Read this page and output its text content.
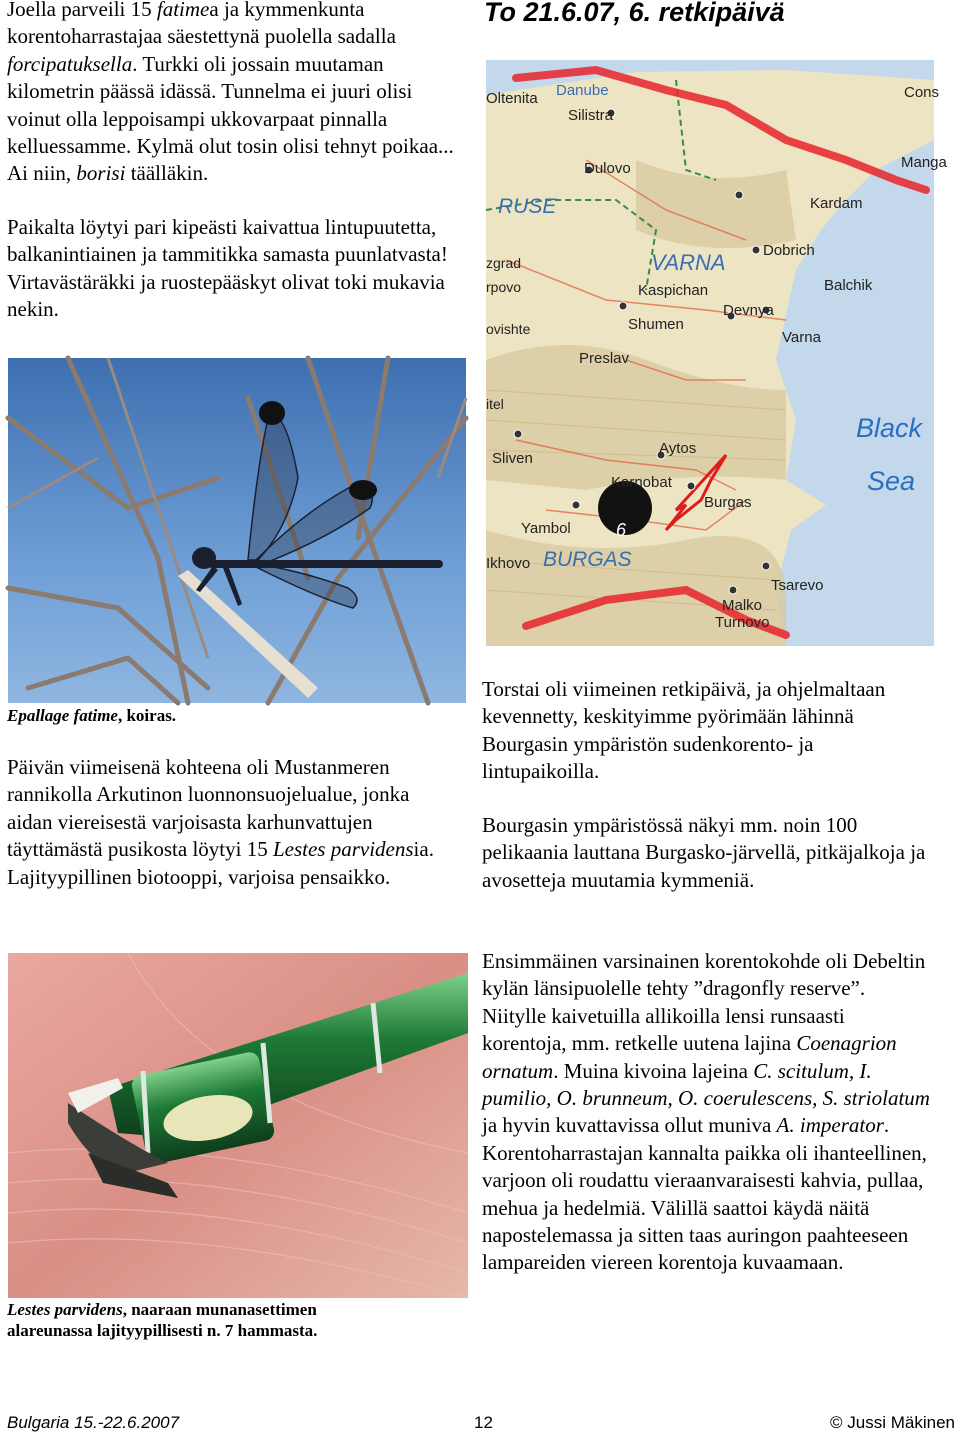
To 21.6.07, 6. retkipäivä

Joella parveili 15 fatimea ja kymmenkunta korentoharrastajaa säestettynä puolella sadalla forcipatuksella. Turkki oli jossain muutaman kilometrin päässä idässä. Tunnelma ei juuri olisi voinut olla leppoisampi ukkovarpaat pinnalla kelluessamme. Kylmä olut tosin olisi tehnyt poikaa... Ai niin, borisi täälläkin.

Paikalta löytyi pari kipeästi kaivattua lintupuutetta, balkanintiainen ja tammitikka samasta puunlatvasta! Virtavästäräkki ja ruostepääskyt olivat toki mukavia nekin.

Epallage fatime, koiras.

Päivän viimeisenä kohteena oli Mustanmeren rannikolla Arkutinon luonnonsuojelualue, jonka aidan viereisestä varjoisasta karhunvattujen täyttämästä pusikosta löytyi 15 Lestes parvidensia. Lajityypillinen biotooppi, varjoisa pensaikko.

Lestes parvidens, naaraan munanasettimen alareunassa lajityypillisesti n. 7 hammasta.
Oltenita Danube
Silistra
Cons
Dulovo	Manga
RUSE	Kardam
VARNA Dobrich
Balchik
zgrad
Kaspichan
rpovo
Devnya
Shumen
Varna
ovishte
Preslav
Black
Sea
itel
Aytos
Sliven
Karnobat
Burgas
6
Yambol
BURGAS
Ikhovo
Tsarevo
Malko
Turnovo

Torstai oli viimeinen retkipäivä, ja ohjelmaltaan kevennetty, keskityimme pyörimään lähinnä Bourgasin ympäristön sudenkorento- ja lintupaikoilla.

Bourgasin ympäristössä näkyi mm. noin 100 pelikaania lauttana Burgasko-järvellä, pitkäjalkoja ja avosetteja muutamia kymmeniä.

Ensimmäinen varsinainen korentokohde oli Debeltin kylän länsipuolelle tehty ”dragonfly reserve”. Niitylle kaivetuilla allikoilla lensi runsaasti korentoja, mm. retkelle uutena lajina Coenagrion ornatum. Muina kivoina lajeina C. scitulum, I. pumilio, O. brunneum, O. coerulescens, S. striolatum ja hyvin kuvattavissa ollut muniva A. imperator. Korentoharrastajan kannalta paikka oli ihanteellinen, varjoon oli roudattu vieraanvaraisesti kahvia, pullaa, mehua ja hedelmiä. Välillä saattoi käydä näitä napostelemassa ja sitten taas auringon paahteeseen lampareiden viereen korentoja kuvaamaan.

Bulgaria 15.-22.6.2007	12	© Jussi Mäkinen
